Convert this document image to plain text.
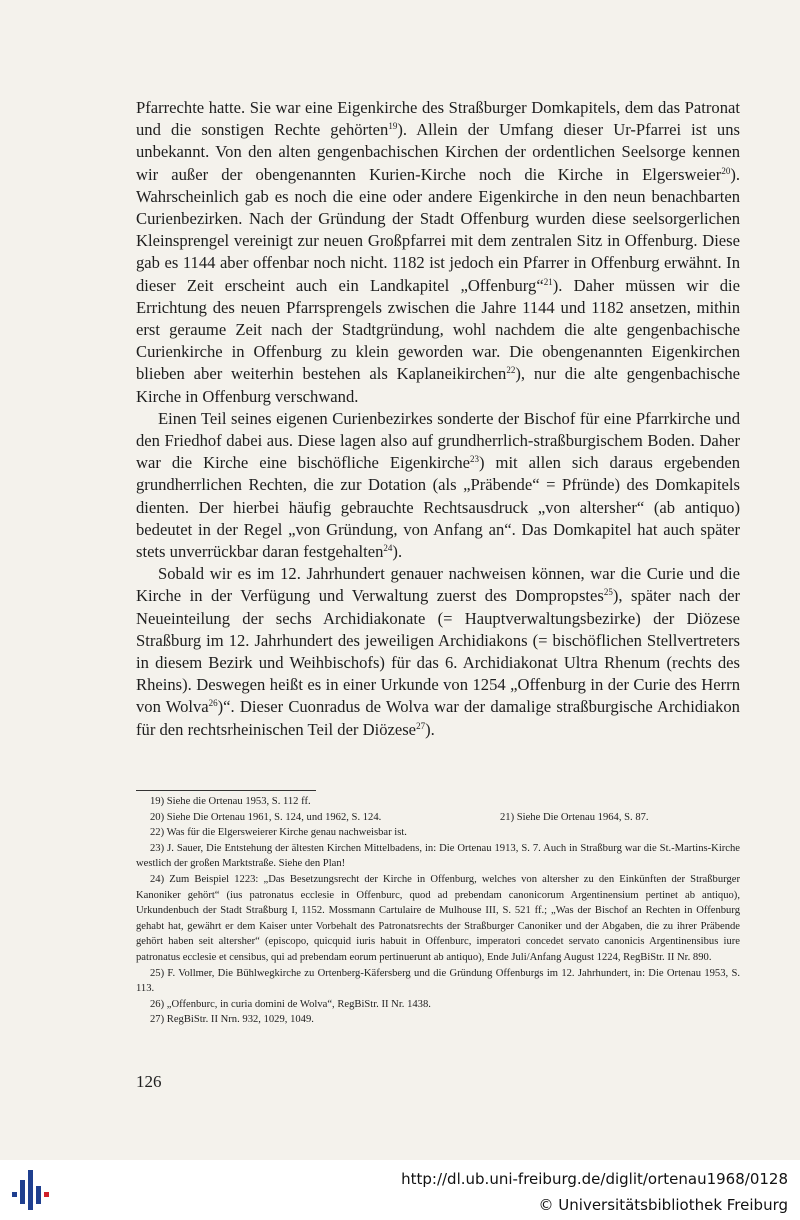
Pfarrechte hatte. Sie war eine Eigenkirche des Straßburger Domkapitels, dem das Patronat und die sonstigen Rechte gehörten$^{19}$). Allein der Umfang dieser Ur-Pfarrei ist uns unbekannt. Von den alten gengenbachischen Kirchen der ordentlichen Seelsorge kennen wir außer der obengenannten Kurien-Kirche noch die Kirche in Elgersweier$^{20}$). Wahrscheinlich gab es noch die eine oder andere Eigenkirche in den neun benachbarten Curienbezirken. Nach der Gründung der Stadt Offenburg wurden diese seelsorgerlichen Kleinsprengel vereinigt zur neuen Großpfarrei mit dem zentralen Sitz in Offenburg. Diese gab es 1144 aber offenbar noch nicht. 1182 ist jedoch ein Pfarrer in Offenburg erwähnt. In dieser Zeit erscheint auch ein Landkapitel „Offenburg“$^{21}$). Daher müssen wir die Errichtung des neuen Pfarrsprengels zwischen die Jahre 1144 und 1182 ansetzen, mithin erst geraume Zeit nach der Stadtgründung, wohl nachdem die alte gengenbachische Curienkirche in Offenburg zu klein geworden war. Die obengenannten Eigenkirchen blieben aber weiterhin bestehen als Kaplaneikirchen$^{22}$), nur die alte gengenbachische Kirche in Offenburg verschwand.

Einen Teil seines eigenen Curienbezirkes sonderte der Bischof für eine Pfarrkirche und den Friedhof dabei aus. Diese lagen also auf grundherrlich-straßburgischem Boden. Daher war die Kirche eine bischöfliche Eigenkirche$^{23}$) mit allen sich daraus ergebenden grundherrlichen Rechten, die zur Dotation (als „Präbende“ = Pfründe) des Domkapitels dienten. Der hierbei häufig gebrauchte Rechtsausdruck „von altersher“ (ab antiquo) bedeutet in der Regel „von Gründung, von Anfang an“. Das Domkapitel hat auch später stets unverrückbar daran festgehalten$^{24}$).

Sobald wir es im 12. Jahrhundert genauer nachweisen können, war die Curie und die Kirche in der Verfügung und Verwaltung zuerst des Dompropstes$^{25}$), später nach der Neueinteilung der sechs Archidiakonate (= Hauptverwaltungsbezirke) der Diözese Straßburg im 12. Jahrhundert des jeweiligen Archidiakons (= bischöflichen Stellvertreters in diesem Bezirk und Weihbischofs) für das 6. Archidiakonat Ultra Rhenum (rechts des Rheins). Deswegen heißt es in einer Urkunde von 1254 „Offenburg in der Curie des Herrn von Wolva$^{26}$)“. Dieser Cuonradus de Wolva war der damalige straßburgische Archidiakon für den rechtsrheinischen Teil der Diözese$^{27}$).

19) Siehe die Ortenau 1953, S. 112 ff.

20) Siehe Die Ortenau 1961, S. 124, und 1962, S. 124.	21) Siehe Die Ortenau 1964, S. 87.

22) Was für die Elgersweierer Kirche genau nachweisbar ist.

23) J. Sauer, Die Entstehung der ältesten Kirchen Mittelbadens, in: Die Ortenau 1913, S. 7. Auch in Straßburg war die St.-Martins-Kirche westlich der großen Marktstraße. Siehe den Plan!

24) Zum Beispiel 1223: „Das Besetzungsrecht der Kirche in Offenburg, welches von altersher zu den Einkünften der Straßburger Kanoniker gehört“ (ius patronatus ecclesie in Offenburc, quod ad prebendam canonicorum Argentinensium pertinet ab antiquo), Urkundenbuch der Stadt Straßburg I, 1152. Mossmann Cartulaire de Mulhouse III, S. 521 ff.; „Was der Bischof an Rechten in Offenburg gehabt hat, gewährt er dem Kaiser unter Vorbehalt des Patronatsrechts der Straßburger Canoniker und der Abgaben, die zu ihrer Präbende gehört haben seit altersher“ (episcopo, quicquid iuris habuit in Offenburc, imperatori concedet servato canonicis Argentinensibus iure patronatus ecclesie et censibus, qui ad prebendam eorum pertinuerunt ab antiquo), Ende Juli/Anfang August 1224, RegBiStr. II Nr. 890.

25) F. Vollmer, Die Bühlwegkirche zu Ortenberg-Käfersberg und die Gründung Offenburgs im 12. Jahrhundert, in: Die Ortenau 1953, S. 113.

26) „Offenburc, in curia domini de Wolva“, RegBiStr. II Nr. 1438.

27) RegBiStr. II Nrn. 932, 1029, 1049.

126
http://dl.ub.uni-freiburg.de/diglit/ortenau1968/0128
© Universitätsbibliothek Freiburg
